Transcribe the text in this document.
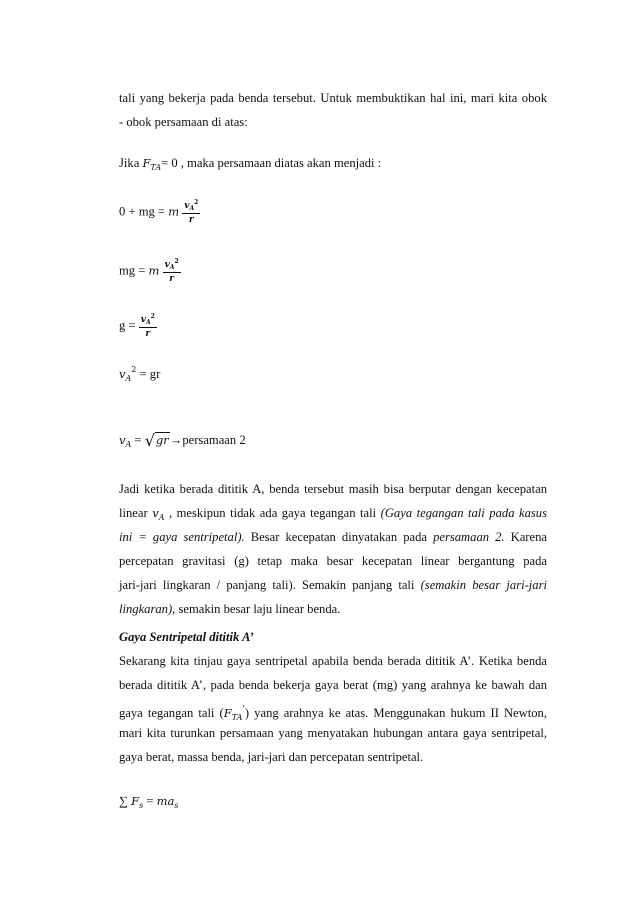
tali yang bekerja pada benda tersebut. Untuk membuktikan hal ini, mari kita obok
- obok persamaan di atas:
Jika $F_{TA}= 0$ , maka persamaan diatas akan menjadi :
0 + mg = m $\frac{v_A^2}{r}$
mg = m $\frac{v_A^2}{r}$
$g = \frac{v_A^2}{r}$
$v_A^2$ = gr
$v_A$ = √gr→persamaan 2
Jadi ketika berada dititik A, benda tersebut masih bisa berputar dengan kecepatan
linear $v_A$ , meskipun tidak ada gaya tegangan tali (Gaya tegangan tali pada kasus
ini = gaya sentripetal). Besar kecepatan dinyatakan pada persamaan 2. Karena
percepatan gravitasi (g) tetap maka besar kecepatan linear bergantung pada
jari-jari lingkaran / panjang tali). Semakin panjang tali (semakin besar jari-jari
lingkaran), semakin besar laju linear benda.
Gaya Sentripetal dititik A’
Sekarang kita tinjau gaya sentripetal apabila benda berada dititik A’. Ketika benda
berada dititik A’, pada benda bekerja gaya berat (mg) yang arahnya ke bawah dan
gaya tegangan tali $(F_{TA}^’)$ yang arahnya ke atas. Menggunakan hukum II Newton,
mari kita turunkan persamaan yang menyatakan hubungan antara gaya sentripetal,
gaya berat, massa benda, jari-jari dan percepatan sentripetal.
∑ $F_s = ma_s$
